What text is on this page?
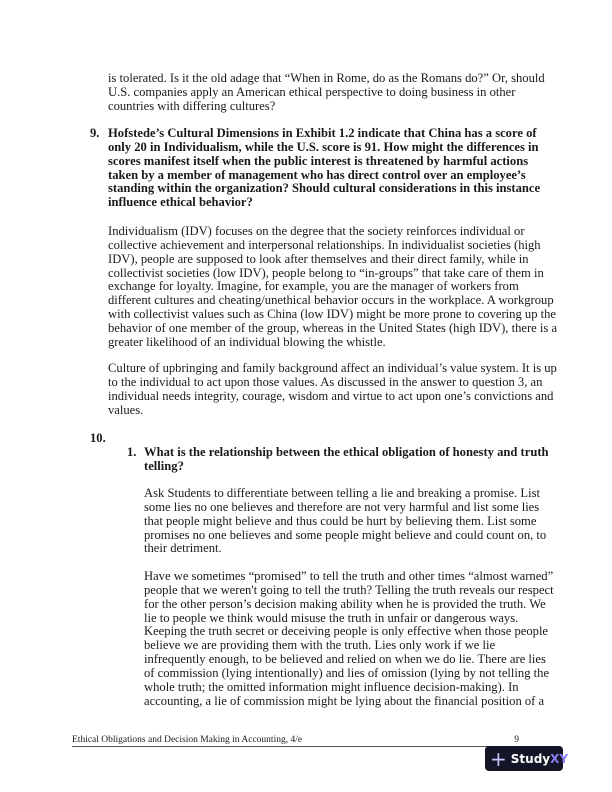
is tolerated. Is it the old adage that “When in Rome, do as the Romans do?” Or, should
U.S. companies apply an American ethical perspective to doing business in other
countries with differing cultures?
9. Hofstede’s Cultural Dimensions in Exhibit 1.2 indicate that China has a score of
only 20 in Individualism, while the U.S. score is 91. How might the differences in
scores manifest itself when the public interest is threatened by harmful actions
taken by a member of management who has direct control over an employee’s
standing within the organization? Should cultural considerations in this instance
influence ethical behavior?
Individualism (IDV) focuses on the degree that the society reinforces individual or
collective achievement and interpersonal relationships. In individualist societies (high
IDV), people are supposed to look after themselves and their direct family, while in
collectivist societies (low IDV), people belong to “in-groups” that take care of them in
exchange for loyalty. Imagine, for example, you are the manager of workers from
different cultures and cheating/unethical behavior occurs in the workplace. A workgroup
with collectivist values such as China (low IDV) might be more prone to covering up the
behavior of one member of the group, whereas in the United States (high IDV), there is a
greater likelihood of an individual blowing the whistle.
Culture of upbringing and family background affect an individual’s value system. It is up
to the individual to act upon those values. As discussed in the answer to question 3, an
individual needs integrity, courage, wisdom and virtue to act upon one’s convictions and
values.
10.
1. What is the relationship between the ethical obligation of honesty and truth
telling?
Ask Students to differentiate between telling a lie and breaking a promise. List
some lies no one believes and therefore are not very harmful and list some lies
that people might believe and thus could be hurt by believing them. List some
promises no one believes and some people might believe and could count on, to
their detriment.
Have we sometimes “promised” to tell the truth and other times “almost warned”
people that we weren't going to tell the truth? Telling the truth reveals our respect
for the other person’s decision making ability when he is provided the truth. We
lie to people we think would misuse the truth in unfair or dangerous ways.
Keeping the truth secret or deceiving people is only effective when those people
believe we are providing them with the truth. Lies only work if we lie
infrequently enough, to be believed and relied on when we do lie. There are lies
of commission (lying intentionally) and lies of omission (lying by not telling the
whole truth; the omitted information might influence decision-making). In
accounting, a lie of commission might be lying about the financial position of a
Ethical Obligations and Decision Making in Accounting, 4/e	9
+ Study XY
